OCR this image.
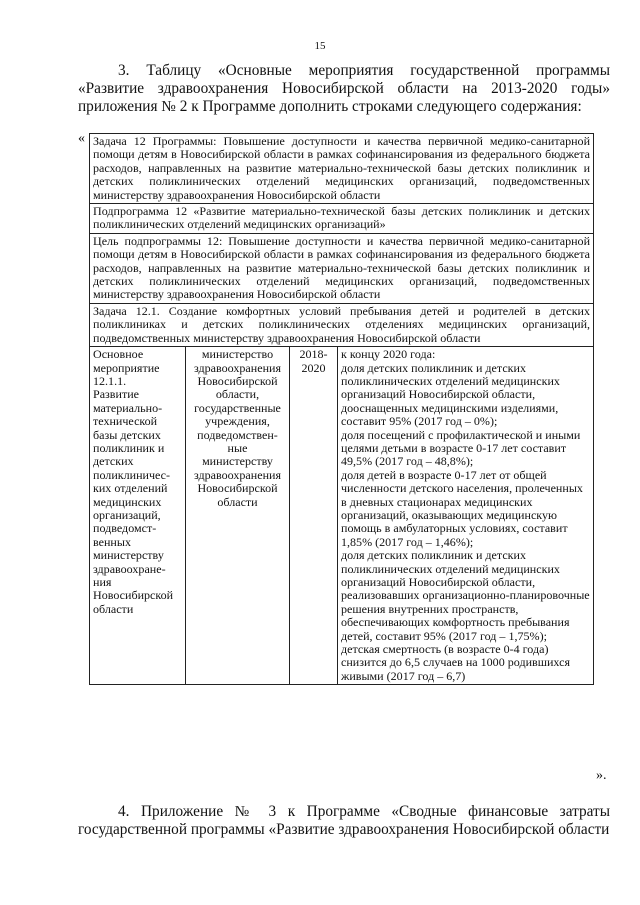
15

3. Таблицу «Основные мероприятия государственной программы «Развитие здравоохранения Новосибирской области на 2013-2020 годы» приложения № 2 к Программе дополнить строками следующего содержания:

« Задача 12 Программы: Повышение доступности и качества первичной медико-санитарной помощи детям в Новосибирской области в рамках софинансирования из федерального бюджета расходов, направленных на развитие материально-технической базы детских поликлиник и детских поликлинических отделений медицинских организаций, подведомственных министерству здравоохранения Новосибирской области
Подпрограмма 12 «Развитие материально-технической базы детских поликлиник и детских поликлинических отделений медицинских организаций»
Цель подпрограммы 12: Повышение доступности и качества первичной медико-санитарной помощи детям в Новосибирской области в рамках софинансирования из федерального бюджета расходов, направленных на развитие материально-технической базы детских поликлиник и детских поликлинических отделений медицинских организаций, подведомственных министерству здравоохранения Новосибирской области
Задача 12.1. Создание комфортных условий пребывания детей и родителей в детских поликлиниках и детских поликлинических отделениях медицинских организаций, подведомственных министерству здравоохранения Новосибирской области
Основное
мероприятие
12.1.1.
Развитие
материально-
технической
базы детских
поликлиник и
детских
поликлиничес-
ких отделений
медицинских
организаций,
подведомст-
венных
министерству
здравоохране-
ния
Новосибирской
области	министерство
здравоохранения
Новосибирской
области,
государственные
учреждения,
подведомствен-
ные
министерству
здравоохранения
Новосибирской
области	2018-
2020	к концу 2020 года:
доля детских поликлиник и детских поликлинических отделений медицинских организаций Новосибирской области, дооснащенных медицинскими изделиями, составит 95% (2017 год – 0%);
доля посещений с профилактической и иными целями детьми в возрасте 0-17 лет составит 49,5% (2017 год – 48,8%);
доля детей в возрасте 0-17 лет от общей численности детского населения, пролеченных в дневных стационарах медицинских организаций, оказывающих медицинскую помощь в амбулаторных условиях, составит 1,85% (2017 год – 1,46%);
доля детских поликлиник и детских поликлинических отделений медицинских организаций Новосибирской области, реализовавших организационно-планировочные решения внутренних пространств, обеспечивающих комфортность пребывания детей, составит 95% (2017 год – 1,75%);
детская смертность (в возрасте 0-4 года) снизится до 6,5 случаев на 1000 родившихся живыми (2017 год – 6,7)
».

4. Приложение № 3 к Программе «Сводные финансовые затраты государственной программы «Развитие здравоохранения Новосибирской области
